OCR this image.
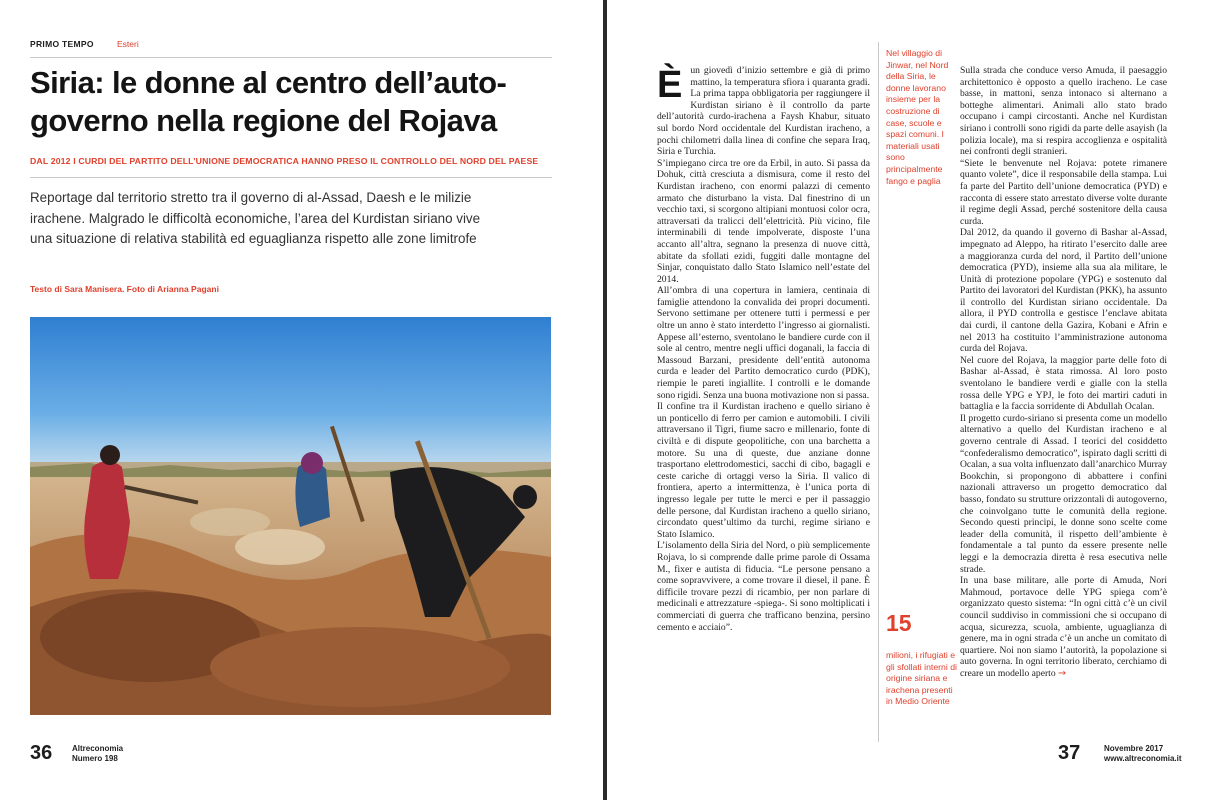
PRIMO TEMPO	Esteri
Siria: le donne al centro dell’auto-
governo nella regione del Rojava
DAL 2012 I CURDI DEL PARTITO DELL’UNIONE DEMOCRATICA HANNO PRESO IL CONTROLLO DEL NORD DEL PAESE
Reportage dal territorio stretto tra il governo di al-Assad, Daesh e le milizie
irachene. Malgrado le difficoltà economiche, l’area del Kurdistan siriano vive
una situazione di relativa stabilità ed eguaglianza rispetto alle zone limitrofe
Testo di Sara Manisera. Foto di Arianna Pagani
36 Altreconomia
Numero 198

È un giovedì d’inizio settembre e già di primo mattino, la temperatura sfiora i quaranta gradi. La prima tappa obbligatoria per raggiungere il Kurdistan siriano è il controllo da parte dell’autorità curdo-irachena a Faysh Khabur, situato sul bordo Nord occidentale del Kurdistan iracheno, a pochi chilometri dalla linea di confine che separa Iraq, Siria e Turchia.

S’impiegano circa tre ore da Erbil, in auto. Si passa da Dohuk, città cresciuta a dismisura, come il resto del Kurdistan iracheno, con enormi palazzi di cemento armato che disturbano la vista. Dal finestrino di un vecchio taxi, si scorgono altipiani montuosi color ocra, attraversati da tralicci dell’elettricità. Più vicino, file interminabili di tende impolverate, disposte l’una accanto all’altra, segnano la presenza di nuove città, abitate da sfollati ezidi, fuggiti dalle montagne del Sinjar, conquistato dallo Stato Islamico nell’estate del 2014.

All’ombra di una copertura in lamiera, centinaia di famiglie attendono la convalida dei propri documenti. Servono settimane per ottenere tutti i permessi e per oltre un anno è stato interdetto l’ingresso ai giornalisti. Appese all’esterno, sventolano le bandiere curde con il sole al centro, mentre negli uffici doganali, la faccia di Massoud Barzani, presidente dell’entità autonoma curda e leader del Partito democratico curdo (PDK), riempie le pareti ingiallite. I controlli e le domande sono rigidi. Senza una buona motivazione non si passa.

Il confine tra il Kurdistan iracheno e quello siriano è un ponticello di ferro per camion e automobili. I civili attraversano il Tigri, fiume sacro e millenario, fonte di civiltà e di dispute geopolitiche, con una barchetta a motore. Su una di queste, due anziane donne trasportano elettrodomestici, sacchi di cibo, bagagli e ceste cariche di ortaggi verso la Siria. Il valico di frontiera, aperto a intermittenza, è l’unica porta di ingresso legale per tutte le merci e per il passaggio delle persone, dal Kurdistan iracheno a quello siriano, circondato quest’ultimo da turchi, regime siriano e Stato Islamico.

L’isolamento della Siria del Nord, o più semplicemente Rojava, lo si comprende dalle prime parole di Ossama M., fixer e autista di fiducia. “Le persone pensano a come sopravvivere, a come trovare il diesel, il pane. È difficile trovare pezzi di ricambio, per non parlare di medicinali e attrezzature -spiega-. Si sono moltiplicati i commerciati di guerra che trafficano benzina, persino cemento e acciaio”.

Nel villaggio di Jinwar, nel Nord della Siria, le donne lavorano insieme per la costruzione di case, scuole e spazi comuni. I materiali usati sono principalmente fango e paglia
15
milioni, i rifugiati e gli sfollati interni di origine siriana e irachena presenti in Medio Oriente

Sulla strada che conduce verso Amuda, il paesaggio architettonico è opposto a quello iracheno. Le case basse, in mattoni, senza intonaco si alternano a botteghe alimentari. Animali allo stato brado occupano i campi circostanti. Anche nel Kurdistan siriano i controlli sono rigidi da parte delle asayish (la polizia locale), ma si respira accoglienza e ospitalità nei confronti degli stranieri.

“Siete le benvenute nel Rojava: potete rimanere quanto volete”, dice il responsabile della stampa. Lui fa parte del Partito dell’unione democratica (PYD) e racconta di essere stato arrestato diverse volte durante il regime degli Assad, perché sostenitore della causa curda.

Dal 2012, da quando il governo di Bashar al-Assad, impegnato ad Aleppo, ha ritirato l’esercito dalle aree a maggioranza curda del nord, il Partito dell’unione democratica (PYD), insieme alla sua ala militare, le Unità di protezione popolare (YPG) e sostenuto dal Partito dei lavoratori del Kurdistan (PKK), ha assunto il controllo del Kurdistan siriano occidentale. Da allora, il PYD controlla e gestisce l’enclave abitata dai curdi, il cantone della Gazira, Kobani e Afrin e nel 2013 ha costituito l’amministrazione autonoma curda del Rojava.

Nel cuore del Rojava, la maggior parte delle foto di Bashar al-Assad, è stata rimossa. Al loro posto sventolano le bandiere verdi e gialle con la stella rossa delle YPG e YPJ, le foto dei martiri caduti in battaglia e la faccia sorridente di Abdullah Ocalan.

Il progetto curdo-siriano si presenta come un modello alternativo a quello del Kurdistan iracheno e al governo centrale di Assad. I teorici del cosiddetto “confederalismo democratico”, ispirato dagli scritti di Ocalan, a sua volta influenzato dall’anarchico Murray Bookchin, si propongono di abbattere i confini nazionali attraverso un progetto democratico dal basso, fondato su strutture orizzontali di autogoverno, che coinvolgano tutte le comunità della regione. Secondo questi principi, le donne sono scelte come leader della comunità, il rispetto dell’ambiente è fondamentale a tal punto da essere presente nelle leggi e la democrazia diretta è resa esecutiva nelle strade.

In una base militare, alle porte di Amuda, Nori Mahmoud, portavoce delle YPG spiega com’è organizzato questo sistema: “In ogni città c’è un civil council suddiviso in commissioni che si occupano di acqua, sicurezza, scuola, ambiente, uguaglianza di genere, ma in ogni strada c’è un anche un comitato di quartiere. Noi non siamo l’autorità, la popolazione si auto governa. In ogni territorio liberato, cerchiamo di creare un modello aperto →

37	Novembre 2017
www.altreconomia.it
